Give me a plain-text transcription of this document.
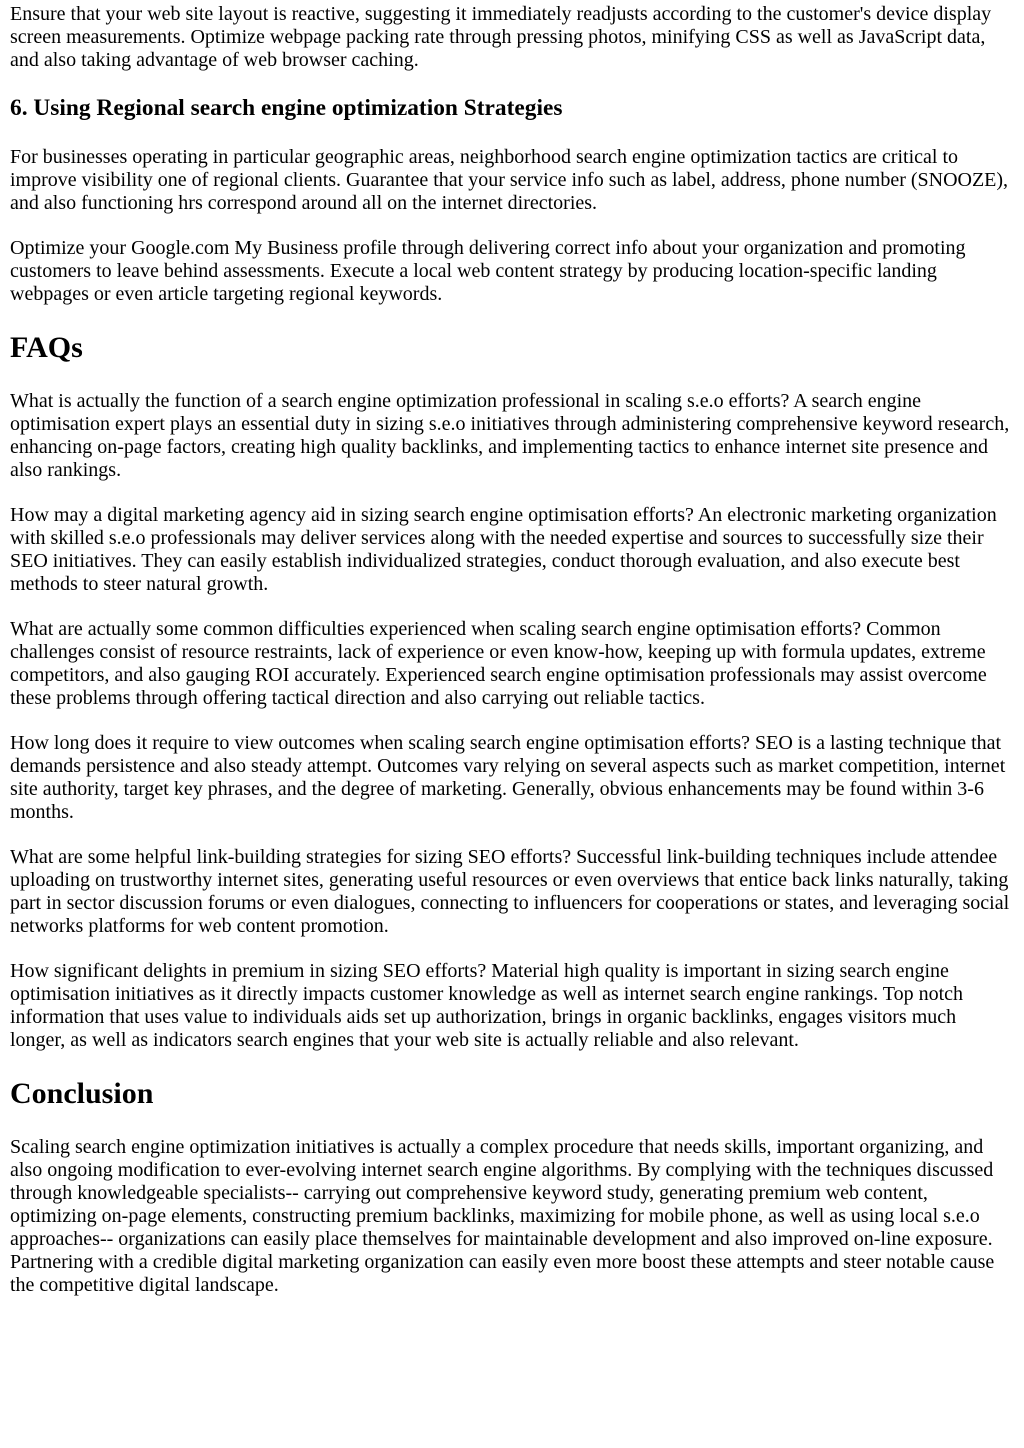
Ensure that your web site layout is reactive, suggesting it immediately readjusts according to the customer's device display screen measurements. Optimize webpage packing rate through pressing photos, minifying CSS as well as JavaScript data, and also taking advantage of web browser caching.

6. Using Regional search engine optimization Strategies

For businesses operating in particular geographic areas, neighborhood search engine optimization tactics are critical to improve visibility one of regional clients. Guarantee that your service info such as label, address, phone number (SNOOZE), and also functioning hrs correspond around all on the internet directories.

Optimize your Google.com My Business profile through delivering correct info about your organization and promoting customers to leave behind assessments. Execute a local web content strategy by producing location-specific landing webpages or even article targeting regional keywords.

FAQs

What is actually the function of a search engine optimization professional in scaling s.e.o efforts? A search engine optimisation expert plays an essential duty in sizing s.e.o initiatives through administering comprehensive keyword research, enhancing on-page factors, creating high quality backlinks, and implementing tactics to enhance internet site presence and also rankings.

How may a digital marketing agency aid in sizing search engine optimisation efforts? An electronic marketing organization with skilled s.e.o professionals may deliver services along with the needed expertise and sources to successfully size their SEO initiatives. They can easily establish individualized strategies, conduct thorough evaluation, and also execute best methods to steer natural growth.

What are actually some common difficulties experienced when scaling search engine optimisation efforts? Common challenges consist of resource restraints, lack of experience or even know-how, keeping up with formula updates, extreme competitors, and also gauging ROI accurately. Experienced search engine optimisation professionals may assist overcome these problems through offering tactical direction and also carrying out reliable tactics.

How long does it require to view outcomes when scaling search engine optimisation efforts? SEO is a lasting technique that demands persistence and also steady attempt. Outcomes vary relying on several aspects such as market competition, internet site authority, target key phrases, and the degree of marketing. Generally, obvious enhancements may be found within 3-6 months.

What are some helpful link-building strategies for sizing SEO efforts? Successful link-building techniques include attendee uploading on trustworthy internet sites, generating useful resources or even overviews that entice back links naturally, taking part in sector discussion forums or even dialogues, connecting to influencers for cooperations or states, and leveraging social networks platforms for web content promotion.

How significant delights in premium in sizing SEO efforts? Material high quality is important in sizing search engine optimisation initiatives as it directly impacts customer knowledge as well as internet search engine rankings. Top notch information that uses value to individuals aids set up authorization, brings in organic backlinks, engages visitors much longer, as well as indicators search engines that your web site is actually reliable and also relevant.

Conclusion

Scaling search engine optimization initiatives is actually a complex procedure that needs skills, important organizing, and also ongoing modification to ever-evolving internet search engine algorithms. By complying with the techniques discussed through knowledgeable specialists-- carrying out comprehensive keyword study, generating premium web content, optimizing on-page elements, constructing premium backlinks, maximizing for mobile phone, as well as using local s.e.o approaches-- organizations can easily place themselves for maintainable development and also improved on-line exposure. Partnering with a credible digital marketing organization can easily even more boost these attempts and steer notable cause the competitive digital landscape.
